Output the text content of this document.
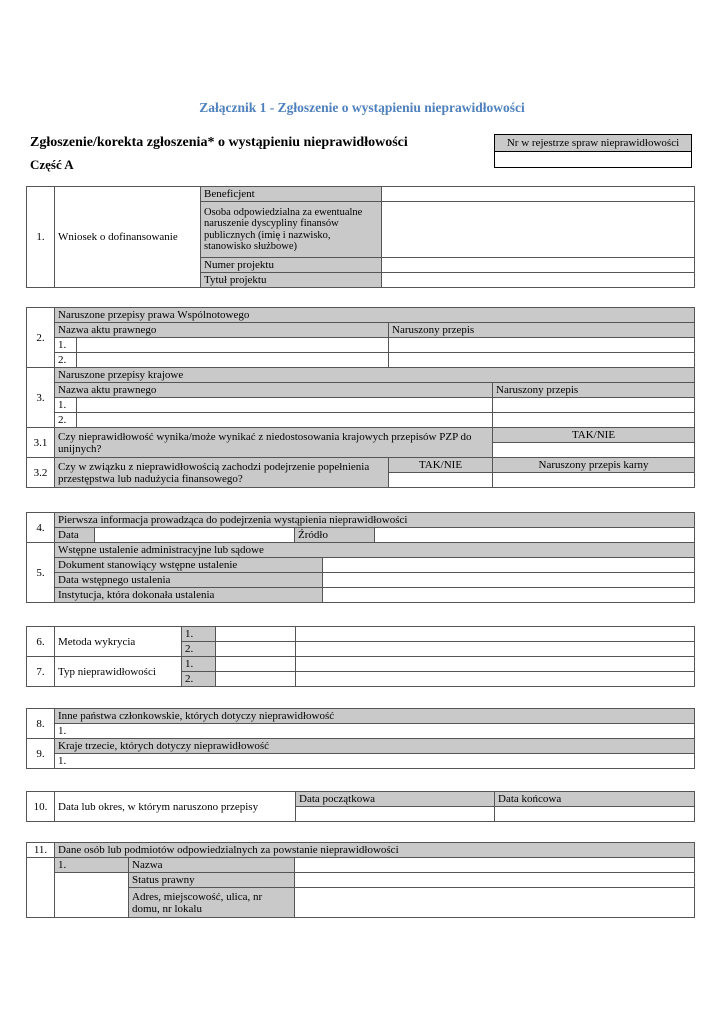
Załącznik 1 - Zgłoszenie o wystąpieniu nieprawidłowości
Zgłoszenie/korekta zgłoszenia* o wystąpieniu nieprawidłowości
Część A
Nr w rejestrze spraw nieprawidłowości
1.	Wniosek o dofinansowanie	Beneficjent	
		Osoba odpowiedzialna za ewentualne naruszenie dyscypliny finansów publicznych (imię i nazwisko, stanowisko służbowe)	
		Numer projektu	
		Tytuł projektu	
2.	Naruszone przepisy prawa Wspólnotowego			
	Nazwa aktu prawnego		Naruszony przepis	
	1.			
	2.			
3.	Naruszone przepisy krajowe			
	Nazwa aktu prawnego			Naruszony przepis
	1.			
	2.			
3.1	Czy nieprawidłowość wynika/może wynikać z niedostosowania krajowych przepisów PZP do unijnych?			TAK/NIE

3.2	Czy w związku z nieprawidłowością zachodzi podejrzenie popełnienia przestępstwa lub nadużycia finansowego?		TAK/NIE	Naruszony przepis karny

4.	Pierwsza informacja prowadząca do podejrzenia wystąpienia nieprawidłowości				
	Data		Źródło		
5.	Wstępne ustalenie administracyjne lub sądowe				
	Dokument stanowiący wstępne ustalenie				
	Data wstępnego ustalenia				
	Instytucja, która dokonała ustalenia				
6.	Metoda wykrycia	1.		
		2.		
7.	Typ nieprawidłowości	1.		
		2.		
8.	Inne państwa członkowskie, których dotyczy nieprawidłowość
	1.
9.	Kraje trzecie, których dotyczy nieprawidłowość
	1.
10.	Data lub okres, w którym naruszono przepisy	Data początkowa	Data końcowa

11.	Dane osób lub podmiotów odpowiedzialnych za powstanie nieprawidłowości		
	1.	Nazwa	
		Status prawny	
		Adres, miejscowość, ulica, nr domu, nr lokalu	
